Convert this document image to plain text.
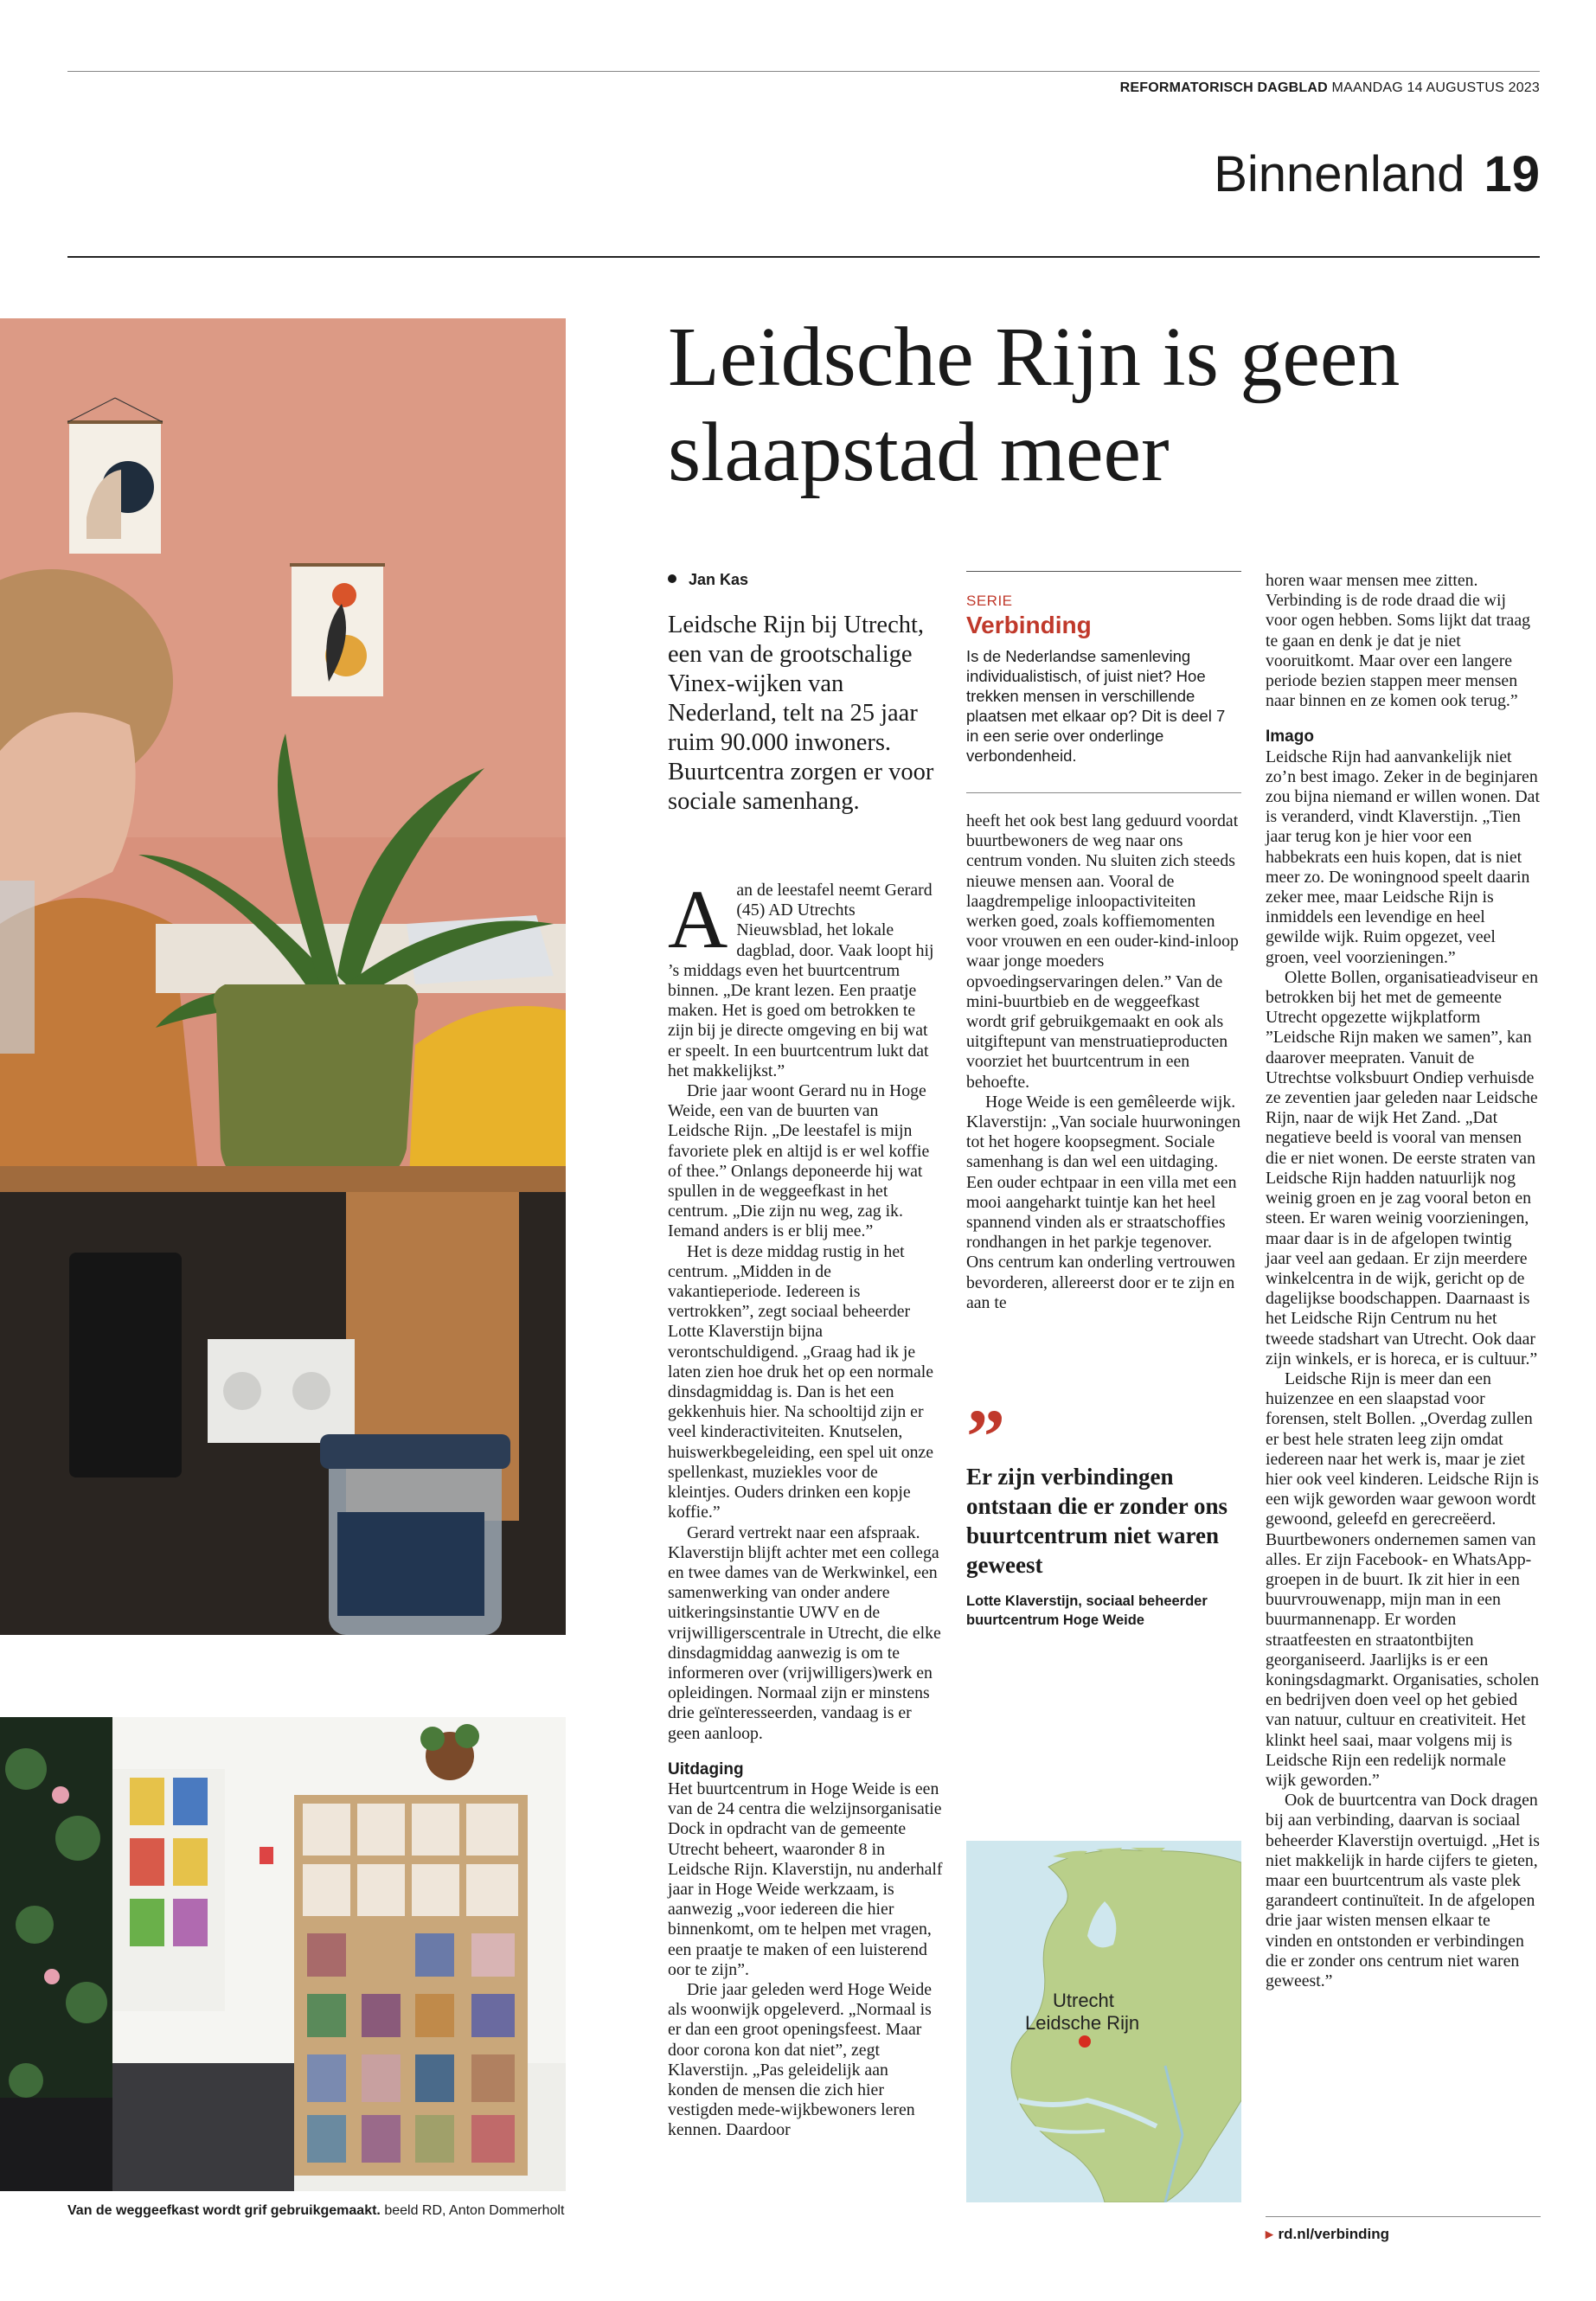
REFORMATORISCH DAGBLAD MAANDAG 14 AUGUSTUS 2023
Binnenland 19
Leidsche Rijn is geen
slaapstad meer
Jan Kas
Leidsche Rijn bij Utrecht, een van de grootschalige Vinex-wijken van Nederland, telt na 25 jaar ruim 90.000 inwoners. Buurtcentra zorgen er voor sociale samenhang.

Aan de leestafel neemt Gerard (45) AD Utrechts Nieuwsblad, het lokale dagblad, door. Vaak loopt hij ’s middags even het buurtcentrum binnen. „De krant lezen. Een praatje maken. Het is goed om betrokken te zijn bij je directe omgeving en bij wat er speelt. In een buurtcentrum lukt dat het makkelijkst.”

Drie jaar woont Gerard nu in Hoge Weide, een van de buurten van Leidsche Rijn. „De leestafel is mijn favoriete plek en altijd is er wel koffie of thee.” Onlangs deponeerde hij wat spullen in de weggeefkast in het centrum. „Die zijn nu weg, zag ik. Iemand anders is er blij mee.”

Het is deze middag rustig in het centrum. „Midden in de vakantieperiode. Iedereen is vertrokken”, zegt sociaal beheerder Lotte Klaverstijn bijna verontschuldigend. „Graag had ik je laten zien hoe druk het op een normale dinsdagmiddag is. Dan is het een gekkenhuis hier. Na schooltijd zijn er veel kinderactiviteiten. Knutselen, huiswerkbegeleiding, een spel uit onze spellenkast, muziekles voor de kleintjes. Ouders drinken een kopje koffie.”

Gerard vertrekt naar een afspraak. Klaverstijn blijft achter met een collega en twee dames van de Werkwinkel, een samenwerking van onder andere uitkeringsinstantie UWV en de vrijwilligerscentrale in Utrecht, die elke dinsdagmiddag aanwezig is om te informeren over (vrijwilligers)werk en opleidingen. Normaal zijn er minstens drie geïnteresseerden, vandaag is er geen aanloop.

Uitdaging

Het buurtcentrum in Hoge Weide is een van de 24 centra die welzijnsorganisatie Dock in opdracht van de gemeente Utrecht beheert, waaronder 8 in Leidsche Rijn. Klaverstijn, nu anderhalf jaar in Hoge Weide werkzaam, is aanwezig „voor iedereen die hier binnenkomt, om te helpen met vragen, een praatje te maken of een luisterend oor te zijn”.

Drie jaar geleden werd Hoge Weide als woonwijk opgeleverd. „Normaal is er dan een groot openingsfeest. Maar door corona kon dat niet”, zegt Klaverstijn. „Pas geleidelijk aan konden de mensen die zich hier vestigden mede-wijkbewoners leren kennen. Daardoor

SERIE
Verbinding
Is de Nederlandse samenleving individualistisch, of juist niet? Hoe trekken mensen in verschillende plaatsen met elkaar op? Dit is deel 7 in een serie over onderlinge verbondenheid.

heeft het ook best lang geduurd voordat buurtbewoners de weg naar ons centrum vonden. Nu sluiten zich steeds nieuwe mensen aan. Vooral de laagdrempelige inloopactiviteiten werken goed, zoals koffiemomenten voor vrouwen en een ouder-kind-inloop waar jonge moeders opvoedingservaringen delen.” Van de mini-buurtbieb en de weggeefkast wordt grif gebruikgemaakt en ook als uitgiftepunt van menstruatieproducten voorziet het buurtcentrum in een behoefte.

Hoge Weide is een gemêleerde wijk. Klaverstijn: „Van sociale huurwoningen tot het hogere koopsegment. Sociale samenhang is dan wel een uitdaging. Een ouder echtpaar in een villa met een mooi aangeharkt tuintje kan het heel spannend vinden als er straatschoffies rondhangen in het parkje tegenover. Ons centrum kan onderling vertrouwen bevorderen, allereerst door er te zijn en aan te

”
Er zijn verbindingen ontstaan die er zonder ons buurtcentrum niet waren geweest
Lotte Klaverstijn, sociaal beheerder buurtcentrum Hoge Weide
Utrecht
Leidsche Rijn

horen waar mensen mee zitten. Verbinding is de rode draad die wij voor ogen hebben. Soms lijkt dat traag te gaan en denk je dat je niet vooruitkomt. Maar over een langere periode bezien stappen meer mensen naar binnen en ze komen ook terug.”

Imago

Leidsche Rijn had aanvankelijk niet zo’n best imago. Zeker in de beginjaren zou bijna niemand er willen wonen. Dat is veranderd, vindt Klaverstijn. „Tien jaar terug kon je hier voor een habbekrats een huis kopen, dat is niet meer zo. De woningnood speelt daarin zeker mee, maar Leidsche Rijn is inmiddels een levendige en heel gewilde wijk. Ruim opgezet, veel groen, veel voorzieningen.”

Olette Bollen, organisatieadviseur en betrokken bij het met de gemeente Utrecht opgezette wijkplatform ”Leidsche Rijn maken we samen”, kan daarover meepraten. Vanuit de Utrechtse volksbuurt Ondiep verhuisde ze zeventien jaar geleden naar Leidsche Rijn, naar de wijk Het Zand. „Dat negatieve beeld is vooral van mensen die er niet wonen. De eerste straten van Leidsche Rijn hadden natuurlijk nog weinig groen en je zag vooral beton en steen. Er waren weinig voorzieningen, maar daar is in de afgelopen twintig jaar veel aan gedaan. Er zijn meerdere winkelcentra in de wijk, gericht op de dagelijkse boodschappen. Daarnaast is het Leidsche Rijn Centrum nu het tweede stadshart van Utrecht. Ook daar zijn winkels, er is horeca, er is cultuur.”

Leidsche Rijn is meer dan een huizenzee en een slaapstad voor forensen, stelt Bollen. „Overdag zullen er best hele straten leeg zijn omdat iedereen naar het werk is, maar je ziet hier ook veel kinderen. Leidsche Rijn is een wijk geworden waar gewoon wordt gewoond, geleefd en gerecreëerd. Buurtbewoners ondernemen samen van alles. Er zijn Facebook- en WhatsApp-groepen in de buurt. Ik zit hier in een buurvrouwenapp, mijn man in een buurmannenapp. Er worden straatfeesten en straatontbijten georganiseerd. Jaarlijks is er een koningsdagmarkt. Organisaties, scholen en bedrijven doen veel op het gebied van natuur, cultuur en creativiteit. Het klinkt heel saai, maar volgens mij is Leidsche Rijn een redelijk normale wijk geworden.”

Ook de buurtcentra van Dock dragen bij aan verbinding, daarvan is sociaal beheerder Klaverstijn overtuigd. „Het is niet makkelijk in harde cijfers te gieten, maar een buurtcentrum als vaste plek garandeert continuïteit. In de afgelopen drie jaar wisten mensen elkaar te vinden en ontstonden er verbindingen die er zonder ons centrum niet waren geweest.”

Van de weggeefkast wordt grif gebruikgemaakt. beeld RD, Anton Dommerholt
▸ rd.nl/verbinding
